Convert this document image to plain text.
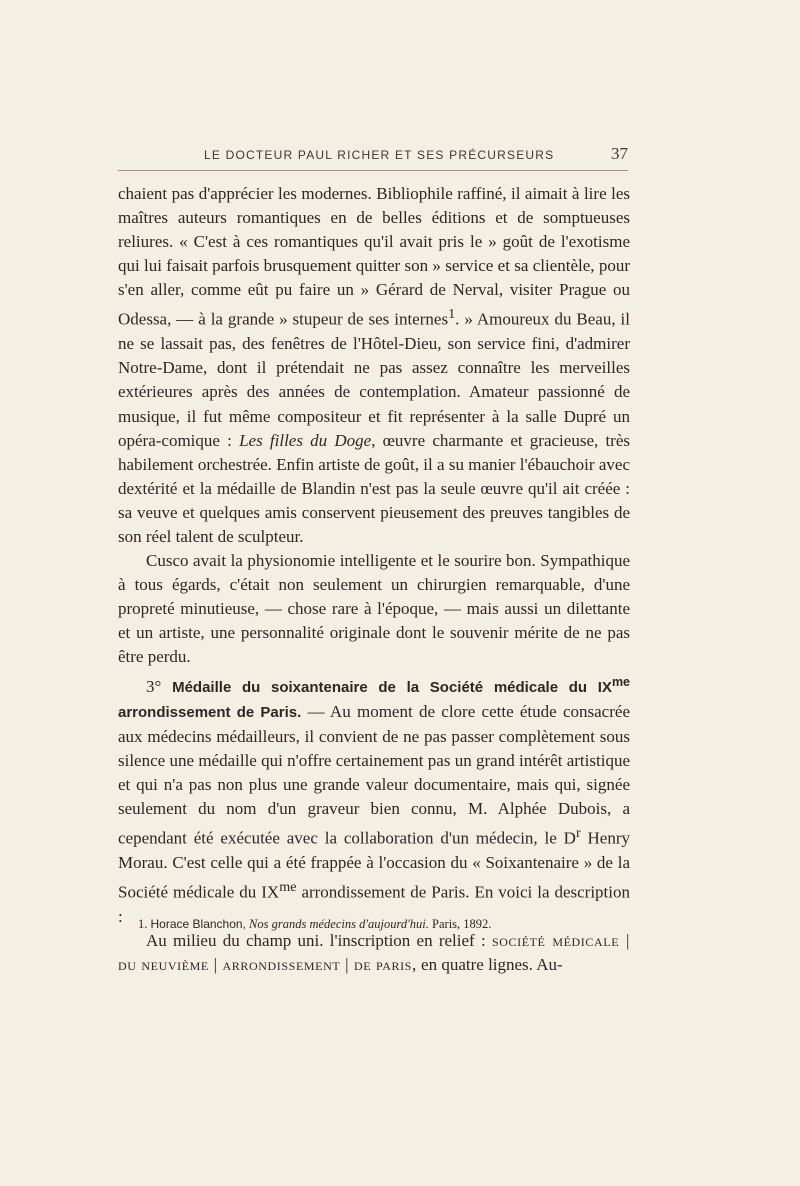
LE DOCTEUR PAUL RICHER ET SES PRÉCURSEURS	37

chaient pas d'apprécier les modernes. Bibliophile raffiné, il aimait à lire les maîtres auteurs romantiques en de belles éditions et de somptueuses reliures. « C'est à ces romantiques qu'il avait pris le » goût de l'exotisme qui lui faisait parfois brusquement quitter son » service et sa clientèle, pour s'en aller, comme eût pu faire un » Gérard de Nerval, visiter Prague ou Odessa, — à la grande » stupeur de ses internes$^1$. » Amoureux du Beau, il ne se lassait pas, des fenêtres de l'Hôtel-Dieu, son service fini, d'admirer Notre-Dame, dont il prétendait ne pas assez connaître les merveilles extérieures après des années de contemplation. Amateur passionné de musique, il fut même compositeur et fit représenter à la salle Dupré un opéra-comique : Les filles du Doge, œuvre charmante et gracieuse, très habilement orchestrée. Enfin artiste de goût, il a su manier l'ébauchoir avec dextérité et la médaille de Blandin n'est pas la seule œuvre qu'il ait créée : sa veuve et quelques amis conservent pieusement des preuves tangibles de son réel talent de sculpteur.

Cusco avait la physionomie intelligente et le sourire bon. Sympathique à tous égards, c'était non seulement un chirurgien remarquable, d'une propreté minutieuse, — chose rare à l'époque, — mais aussi un dilettante et un artiste, une personnalité originale dont le souvenir mérite de ne pas être perdu.

3° Médaille du soixantenaire de la Société médicale du $IX^{me}$ arrondissement de Paris. — Au moment de clore cette étude consacrée aux médecins médailleurs, il convient de ne pas passer complètement sous silence une médaille qui n'offre certainement pas un grand intérêt artistique et qui n'a pas non plus une grande valeur documentaire, mais qui, signée seulement du nom d'un graveur bien connu, M. Alphée Dubois, a cependant été exécutée avec la collaboration d'un médecin, le $D^r$ Henry Morau. C'est celle qui a été frappée à l'occasion du « Soixantenaire » de la Société médicale du $IX^{me}$ arrondissement de Paris. En voici la description :

Au milieu du champ uni. l'inscription en relief : société médicale | du neuvième | arrondissement | de paris, en quatre lignes. Au-

1. Horace Blanchon, Nos grands médecins d'aujourd'hui. Paris, 1892.
